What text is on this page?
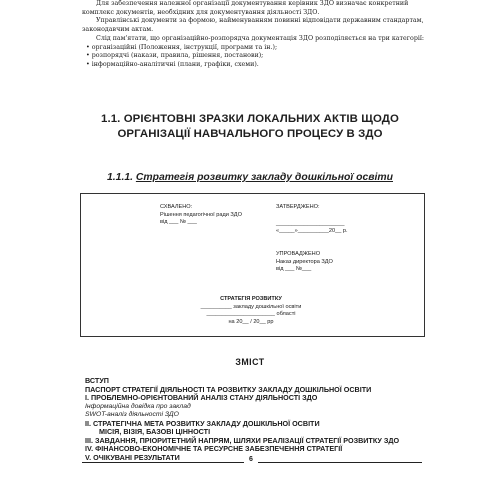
Для забезпечення належної організації документування керівник ЗДО визначає конкретний комплекс документів, необхідних для документування діяльності ЗДО.

Управлінські документи за формою, найменуванням повинні відповідати державним стандартам, законодавчим актам.

Слід пам'ятати, що організаційно-розпорядча документація ЗДО розподіляється на три категорії:

• організаційні (Положення, інструкції, програми та ін.);
• розпорядчі (накази, правила, рішення, постанови);
• інформаційно-аналітичні (плани, графіки, схеми).
1.1. ОРІЄНТОВНІ ЗРАЗКИ ЛОКАЛЬНИХ АКТІВ ЩОДО
ОРГАНІЗАЦІЇ НАВЧАЛЬНОГО ПРОЦЕСУ В ЗДО
1.1.1. Стратегія розвитку закладу дошкільної освіти
СХВАЛЕНО:
Рішення педагогічної ради ЗДО
від ___ № ___
ЗАТВЕРДЖЕНО:
______________________
«_____»__________20__ р.
УПРОВАДЖЕНО
Наказ директора ЗДО
від ___ №___
СТРАТЕГІЯ РОЗВИТКУ
__________ закладу дошкільної освіти
______________________ області
на 20__ / 20__ рр
ЗМІСТ
ВСТУП
ПАСПОРТ СТРАТЕГІЇ ДІЯЛЬНОСТІ ТА РОЗВИТКУ ЗАКЛАДУ ДОШКІЛЬНОЇ ОСВІТИ
І. ПРОБЛЕМНО-ОРІЄНТОВАНИЙ АНАЛІЗ СТАНУ ДІЯЛЬНОСТІ ЗДО
Інформаційна довідка про заклад
SWOT-аналіз діяльності ЗДО
ІІ. СТРАТЕГІЧНА МЕТА РОЗВИТКУ ЗАКЛАДУ ДОШКІЛЬНОЇ ОСВІТИ
МІСІЯ, ВІЗІЯ, БАЗОВІ ЦІННОСТІ
ІІІ. ЗАВДАННЯ, ПРІОРИТЕТНИЙ НАПРЯМ, ШЛЯХИ РЕАЛІЗАЦІЇ СТРАТЕГІЇ РОЗВИТКУ ЗДО
ІV. ФІНАНСОВО-ЕКОНОМІЧНЕ ТА РЕСУРСНЕ ЗАБЕЗПЕЧЕННЯ СТРАТЕГІЇ
V. ОЧІКУВАНІ РЕЗУЛЬТАТИ	6
